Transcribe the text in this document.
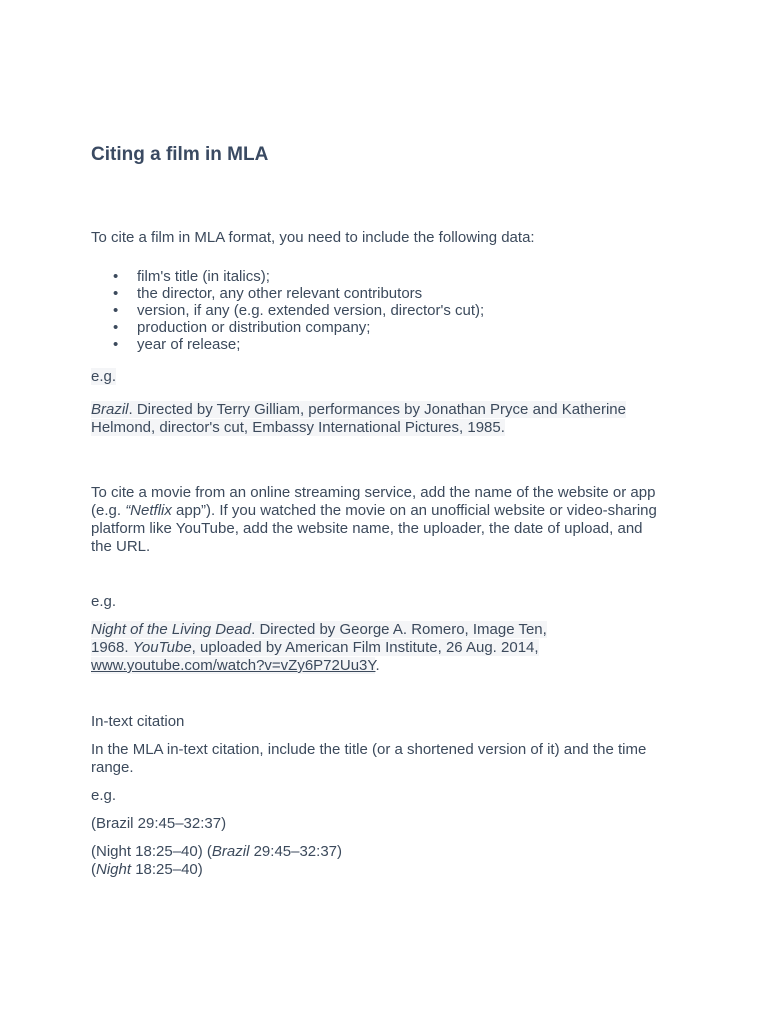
Citing a film in MLA

To cite a film in MLA format, you need to include the following data:

• film's title (in italics);
• the director, any other relevant contributors
• version, if any (e.g. extended version, director's cut);
• production or distribution company;
• year of release;

e.g.

Brazil. Directed by Terry Gilliam, performances by Jonathan Pryce and Katherine
Helmond, director's cut, Embassy International Pictures, 1985.

To cite a movie from an online streaming service, add the name of the website or app
(e.g. “Netflix app”). If you watched the movie on an unofficial website or video-sharing
platform like YouTube, add the website name, the uploader, the date of upload, and
the URL.

e.g.

Night of the Living Dead. Directed by George A. Romero, Image Ten,
1968. YouTube, uploaded by American Film Institute, 26 Aug. 2014,
www.youtube.com/watch?v=vZy6P72Uu3Y.

In-text citation

In the MLA in-text citation, include the title (or a shortened version of it) and the time
range.

e.g.

(Brazil 29:45–32:37)

(Night 18:25–40) (Brazil 29:45–32:37)
(Night 18:25–40)
